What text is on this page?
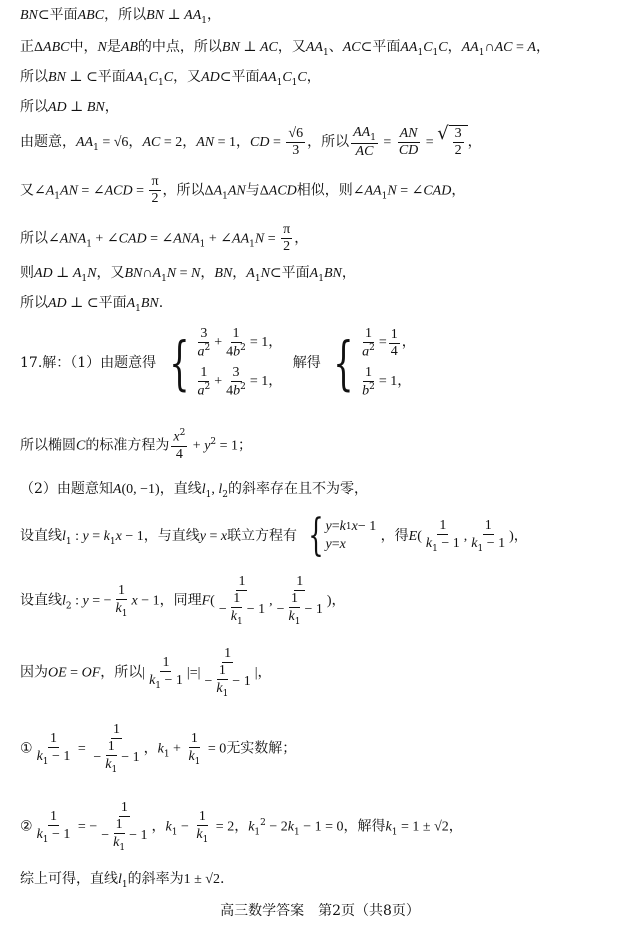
BN⊂平面ABC，所以BN ⊥ $AA_1$，
正ΔABC中，N是AB的中点，所以BN ⊥ AC，又$AA_1$、AC⊂平面$AA_1C_1C$，$AA_1\cap AC = A$，
所以BN ⊥ ⊂平面$AA_1C_1C$，又AD⊂平面$AA_1C_1C$，
所以AD ⊥ BN，
由题意，$AA_1 = √6$，AC = 2，AN = 1，CD = $\frac{√6}{3}$ ，所以 $\frac{AA_1}{AC} = \frac{AN}{CD}$ = √ $\frac{3}{2}$ ，
又$\angle A_1AN$ = ∠ACD = $\frac{\pi}{2}$ ，所以$\Delta A_1AN$与ΔACD相似，则$\angle AA_1N$ = ∠CAD，
所以$\angle ANA_1$ + ∠CAD = $\angle ANA_1$ + $\angle AA_1N = \frac{\pi}{2}$ ，
则AD ⊥ $A_1N$，又$BN\cap A_1N = N$，BN，$A_1N\subset$平面$A_1BN$，
所以AD ⊥ ⊂平面$A_1BN$.
17.解：（1）由题意得 { $\frac{3}{a^2} + \frac{1}{4b^2} = 1$，
$\frac{1}{a^2} + \frac{3}{4b^2} = 1$，
解得 { $\frac{1}{a^2} = \frac{1}{4}$ ，
$\frac{1}{b^2} = 1$，
所以椭圆C的标准方程为 $\frac{x^2}{4} + y^2 = 1$；
（2）由题意知A(0, −1)，直线$l_1$, $l_2$的斜率存在且不为零，
设直线$l_1$ : $y = k_1x - 1$，与直线y = x联立方程有 { y = k 1 x − 1
y = x
，得$E( \frac{1}{k_1 - 1}$ , $\frac{1}{k_1 - 1}$ )，
设直线$l_2$ : y = − $\frac{1}{k_1}$ x − 1，同理$F( \frac{1}{- \frac{1}{k_1} - 1}$ , $\frac{1}{- \frac{1}{k_1} - 1}$ )，
因为OE = OF，所以| $\frac{1}{k_1 - 1}$ |=| $\frac{1}{- \frac{1}{k_1} - 1}$ |，
① $\frac{1}{k_1 - 1} = \frac{1}{- \frac{1}{k_1} - 1}$ ，$k_1 + \frac{1}{k_1} = 0$无实数解；
② $\frac{1}{k_1 - 1}$ = − $\frac{1}{- \frac{1}{k_1} - 1}$ ，$k_1 - \frac{1}{k_1} = 2$，$k_1^2 - 2k_1 - 1 = 0$，解得$k_1 = 1 \pm √2$，
综上可得，直线$l_1$的斜率为1 ± √2.
高三数学答案　第2页（共8页）
